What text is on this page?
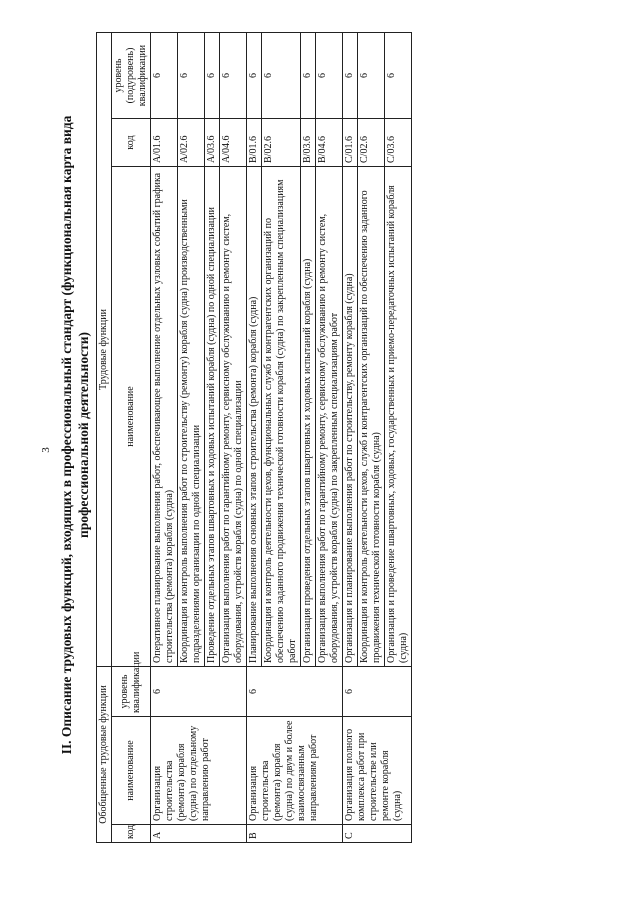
3 II. Описание трудовых функций, входящих в профессиональный стандарт (функциональная карта вида профессиональной деятельности)
Обобщенные трудовые функции			Трудовые функции		
код	наименование	уровень квалификации	наименование	код	уровень (подуровень) квалификации
A	Организация строительства (ремонта) корабля (судна) по отдельному направлению работ	6	Оперативное планирование выполнения работ, обеспечивающее выполнение отдельных узловых событий графика строительства (ремонта) корабля (судна)	A/01.6	6
			Координация и контроль выполнения работ по строительству (ремонту) корабля (судна) производственными подразделениями организации по одной специализации	A/02.6	6
			Проведение отдельных этапов швартовных и ходовых испытаний корабля (судна) по одной специализации	A/03.6	6
			Организация выполнения работ по гарантийному ремонту, сервисному обслуживанию и ремонту систем, оборудования, устройств корабля (судна) по одной специализации	A/04.6	6
B	Организация строительства (ремонта) корабля (судна) по двум и более взаимосвязанным направлениям работ	6	Планирование выполнения основных этапов строительства (ремонта) корабля (судна)	B/01.6	6
			Координация и контроль деятельности цехов, функциональных служб и контрагентских организаций по обеспечению заданного продвижения технической готовности корабля (судна) по закрепленным специализациям работ	B/02.6	6
			Организация проведения отдельных этапов швартовных и ходовых испытаний корабля (судна)	B/03.6	6
			Организация выполнения работ по гарантийному ремонту, сервисному обслуживанию и ремонту систем, оборудования, устройств корабля (судна) по закрепленным специализациям работ	B/04.6	6
C	Организация полного комплекса работ при строительстве или ремонте корабля (судна)	6	Организация и планирование выполнения работ по строительству, ремонту корабля (судна)	C/01.6	6
			Координация и контроль деятельности цехов, служб и контрагентских организаций по обеспечению заданного продвижения технической готовности корабля (судна)	C/02.6	6
			Организация и проведение швартовных, ходовых, государственных и приемо-передаточных испытаний корабля (судна)	C/03.6	6
